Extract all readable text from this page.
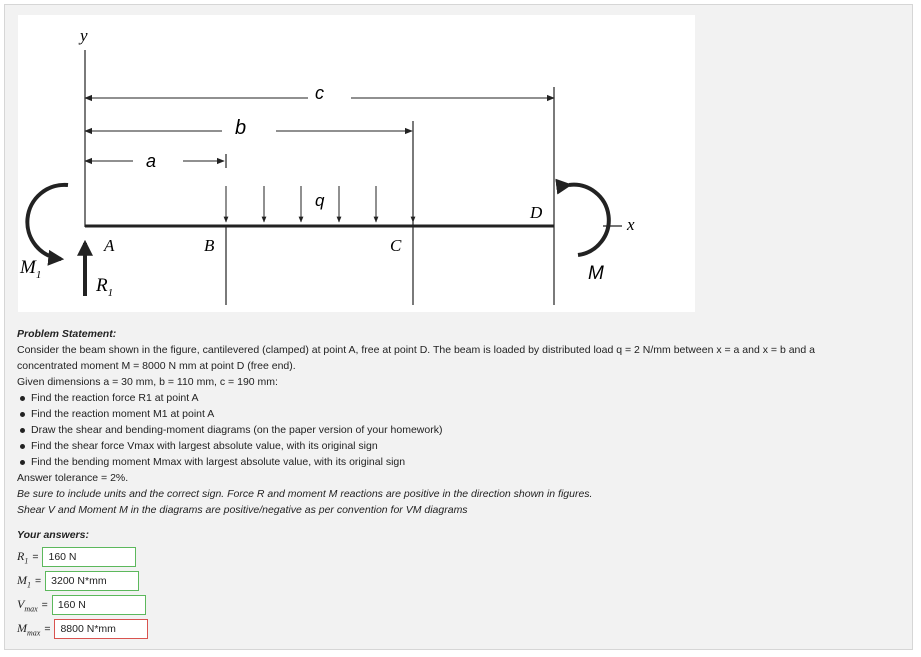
y
c
b
a
q
A	B	C
D
$R_1$
$M_1$	M
x
Problem Statement:
Consider the beam shown in the figure, cantilevered (clamped) at point A, free at point D. The beam is loaded by distributed load q = 2 N/mm between x = a and x = b and a
concentrated moment M = 8000 N mm at point D (free end).
Given dimensions a = 30 mm, b = 110 mm, c = 190 mm:
Find the reaction force R1 at point A
Find the reaction moment M1 at point A
Draw the shear and bending-moment diagrams (on the paper version of your homework)
Find the shear force Vmax with largest absolute value, with its original sign
Find the bending moment Mmax with largest absolute value, with its original sign
Answer tolerance = 2%.
Be sure to include units and the correct sign. Force R and moment M reactions are positive in the direction shown in figures.
Shear V and Moment M in the diagrams are positive/negative as per convention for VM diagrams
Your answers:
$R_1 = 160$ N
$M_1 = 3200$ N*mm
$V_{max} = 160$ N
$M_{max} = 8800$ N*mm
